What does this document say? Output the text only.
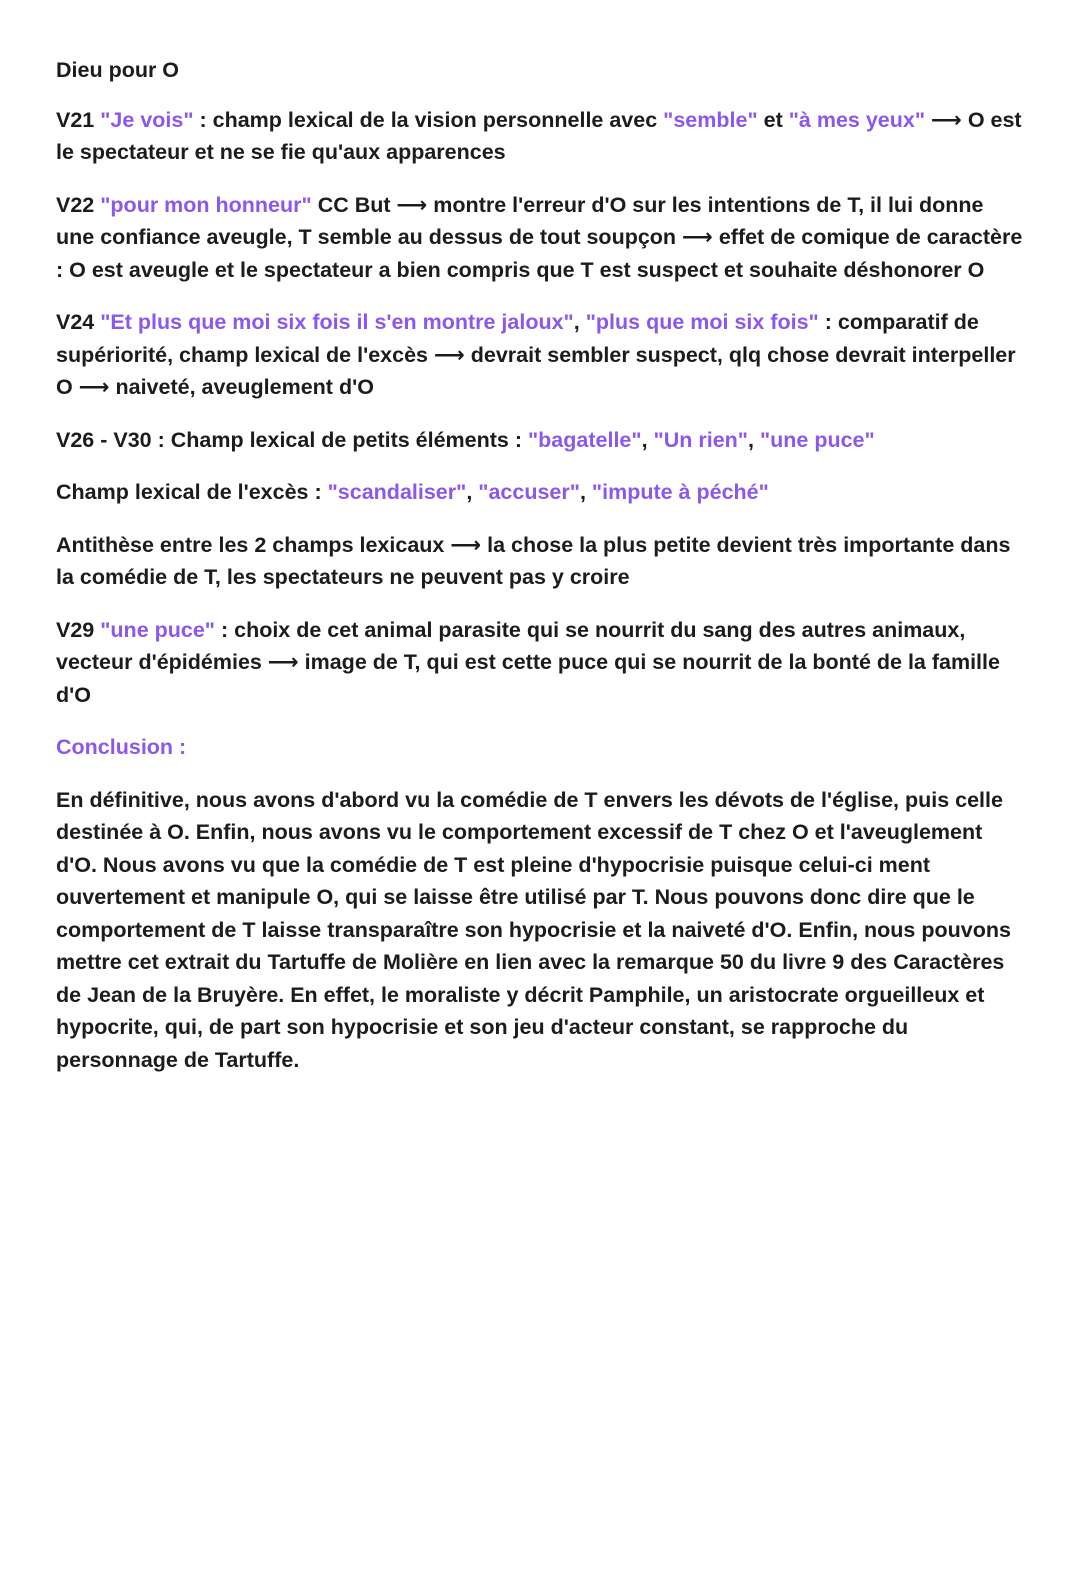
Dieu pour O

V21 "Je vois" : champ lexical de la vision personnelle avec "semble" et "à mes yeux" ⟶ O est le spectateur et ne se fie qu'aux apparences

V22 "pour mon honneur" CC But ⟶ montre l'erreur d'O sur les intentions de T, il lui donne une confiance aveugle, T semble au dessus de tout soupçon ⟶ effet de comique de caractère : O est aveugle et le spectateur a bien compris que T est suspect et souhaite déshonorer O

V24 "Et plus que moi six fois il s'en montre jaloux", "plus que moi six fois" : comparatif de supériorité, champ lexical de l'excès ⟶ devrait sembler suspect, qlq chose devrait interpeller O ⟶ naiveté, aveuglement d'O

V26 - V30 : Champ lexical de petits éléments : "bagatelle", "Un rien", "une puce"

Champ lexical de l'excès : "scandaliser", "accuser", "impute à péché"

Antithèse entre les 2 champs lexicaux ⟶ la chose la plus petite devient très importante dans la comédie de T, les spectateurs ne peuvent pas y croire

V29 "une puce" : choix de cet animal parasite qui se nourrit du sang des autres animaux, vecteur d'épidémies ⟶ image de T, qui est cette puce qui se nourrit de la bonté de la famille d'O

Conclusion :

En définitive, nous avons d'abord vu la comédie de T envers les dévots de l'église, puis celle destinée à O. Enfin, nous avons vu le comportement excessif de T chez O et l'aveuglement d'O. Nous avons vu que la comédie de T est pleine d'hypocrisie puisque celui-ci ment ouvertement et manipule O, qui se laisse être utilisé par T. Nous pouvons donc dire que le comportement de T laisse transparaître son hypocrisie et la naiveté d'O. Enfin, nous pouvons mettre cet extrait du Tartuffe de Molière en lien avec la remarque 50 du livre 9 des Caractères de Jean de la Bruyère. En effet, le moraliste y décrit Pamphile, un aristocrate orgueilleux et hypocrite, qui, de part son hypocrisie et son jeu d'acteur constant, se rapproche du personnage de Tartuffe.
